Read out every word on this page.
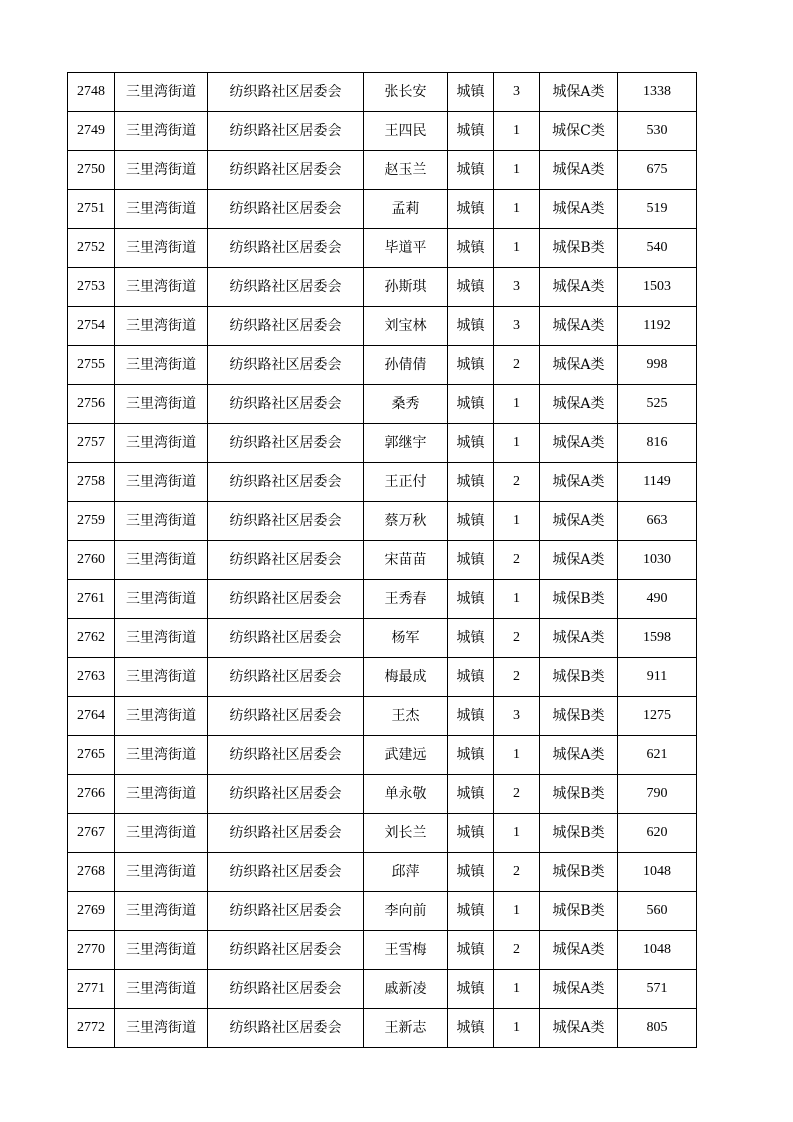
2748	三里湾街道	纺织路社区居委会	张长安	城镇	3	城保A类	1338
2749	三里湾街道	纺织路社区居委会	王四民	城镇	1	城保C类	530
2750	三里湾街道	纺织路社区居委会	赵玉兰	城镇	1	城保A类	675
2751	三里湾街道	纺织路社区居委会	孟莉	城镇	1	城保A类	519
2752	三里湾街道	纺织路社区居委会	毕道平	城镇	1	城保B类	540
2753	三里湾街道	纺织路社区居委会	孙斯琪	城镇	3	城保A类	1503
2754	三里湾街道	纺织路社区居委会	刘宝林	城镇	3	城保A类	1192
2755	三里湾街道	纺织路社区居委会	孙倩倩	城镇	2	城保A类	998
2756	三里湾街道	纺织路社区居委会	桑秀	城镇	1	城保A类	525
2757	三里湾街道	纺织路社区居委会	郭继宇	城镇	1	城保A类	816
2758	三里湾街道	纺织路社区居委会	王正付	城镇	2	城保A类	1149
2759	三里湾街道	纺织路社区居委会	蔡万秋	城镇	1	城保A类	663
2760	三里湾街道	纺织路社区居委会	宋苗苗	城镇	2	城保A类	1030
2761	三里湾街道	纺织路社区居委会	王秀春	城镇	1	城保B类	490
2762	三里湾街道	纺织路社区居委会	杨军	城镇	2	城保A类	1598
2763	三里湾街道	纺织路社区居委会	梅最成	城镇	2	城保B类	911
2764	三里湾街道	纺织路社区居委会	王杰	城镇	3	城保B类	1275
2765	三里湾街道	纺织路社区居委会	武建远	城镇	1	城保A类	621
2766	三里湾街道	纺织路社区居委会	单永敬	城镇	2	城保B类	790
2767	三里湾街道	纺织路社区居委会	刘长兰	城镇	1	城保B类	620
2768	三里湾街道	纺织路社区居委会	邱萍	城镇	2	城保B类	1048
2769	三里湾街道	纺织路社区居委会	李向前	城镇	1	城保B类	560
2770	三里湾街道	纺织路社区居委会	王雪梅	城镇	2	城保A类	1048
2771	三里湾街道	纺织路社区居委会	戚新凌	城镇	1	城保A类	571
2772	三里湾街道	纺织路社区居委会	王新志	城镇	1	城保A类	805
